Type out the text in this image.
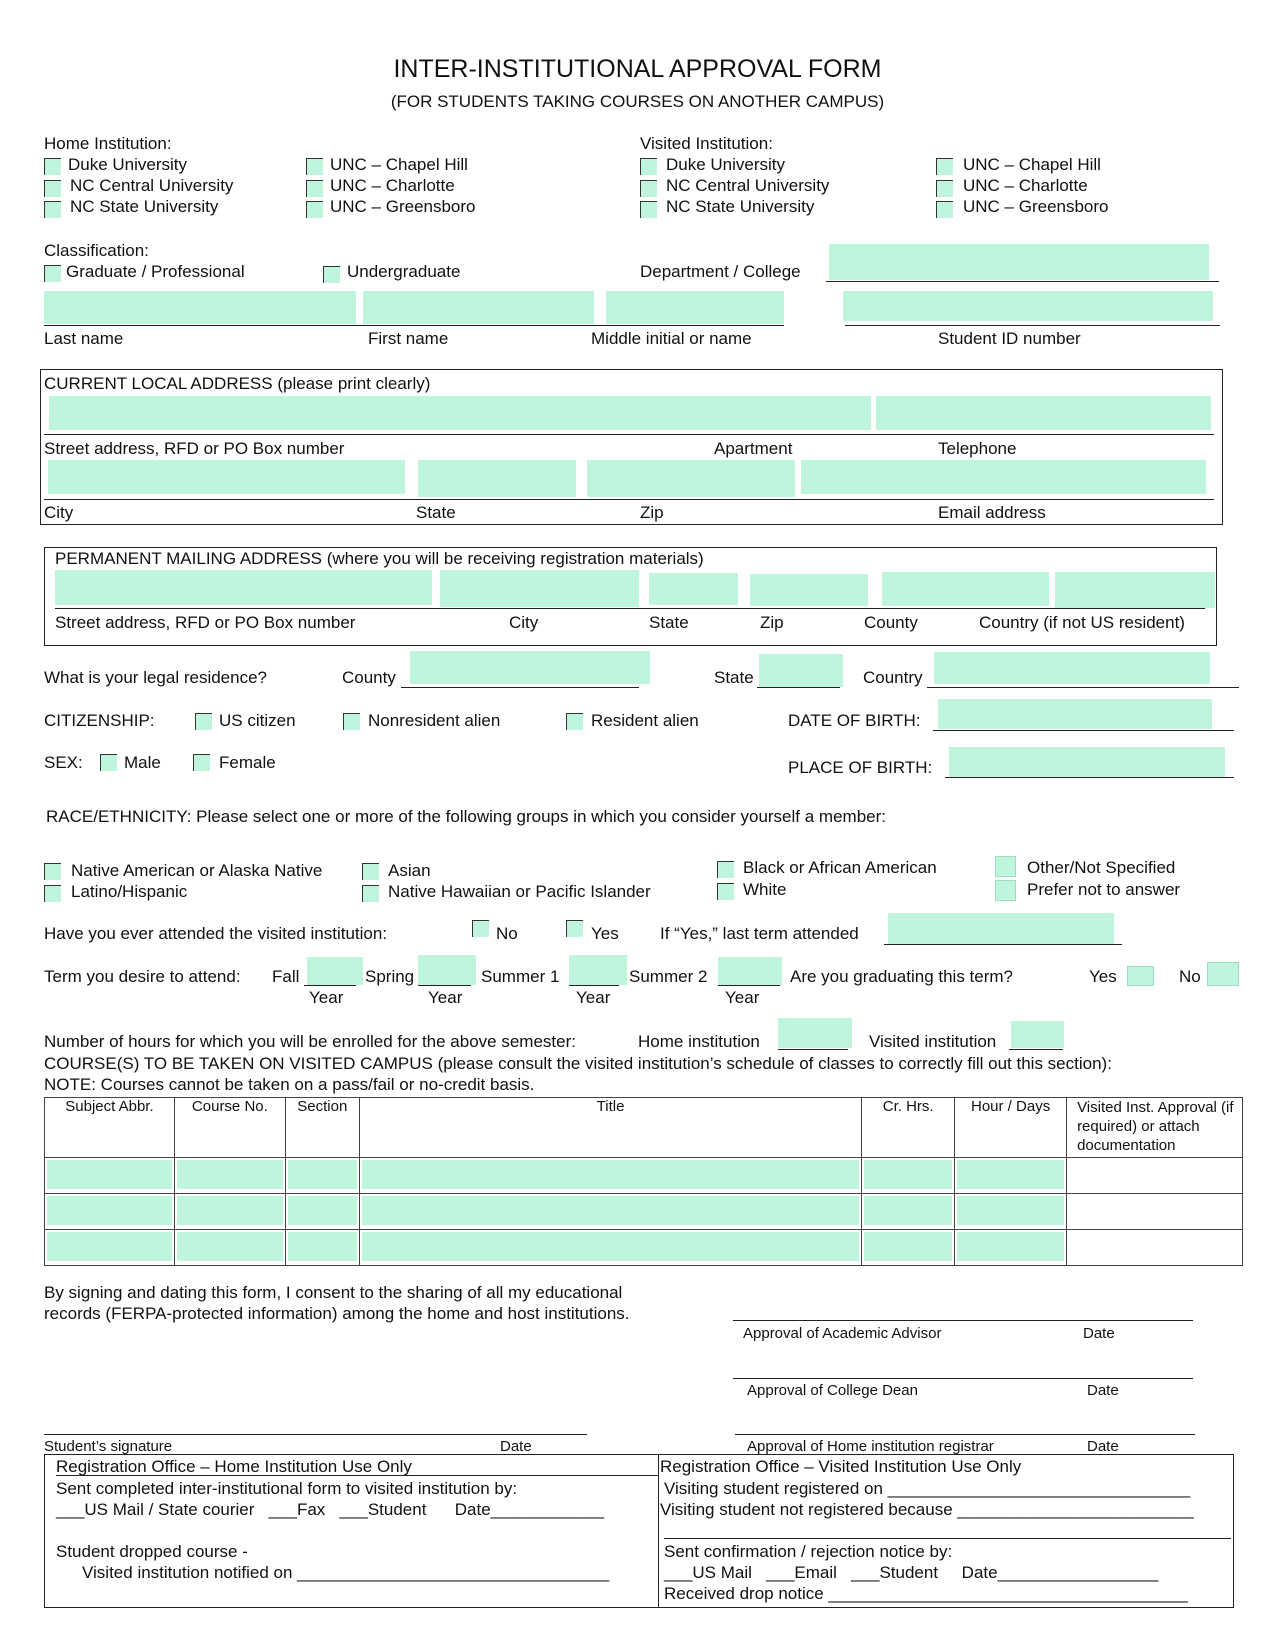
INTER-INSTITUTIONAL APPROVAL FORM
(FOR STUDENTS TAKING COURSES ON ANOTHER CAMPUS)
Home Institution:
Duke University
NC Central University
NC State University
UNC – Chapel Hill
UNC – Charlotte
UNC – Greensboro
Visited Institution:
Duke University
NC Central University
NC State University
UNC – Chapel Hill
UNC – Charlotte
UNC – Greensboro
Classification:
Graduate / Professional	Undergraduate	Department / College
Last name	First name	Middle initial or name	Student ID number
CURRENT LOCAL ADDRESS (please print clearly)
Street address, RFD or PO Box number	Apartment	Telephone
City	State	Zip	Email address
PERMANENT MAILING ADDRESS (where you will be receiving registration materials)
Street address, RFD or PO Box number	City	State	Zip	County	Country (if not US resident)
What is your legal residence?	County	State	Country
CITIZENSHIP:	US citizen	Nonresident alien	Resident alien	DATE OF BIRTH:
SEX: Male	Female	PLACE OF BIRTH:
RACE/ETHNICITY: Please select one or more of the following groups in which you consider yourself a member:
Native American or Alaska Native
Latino/Hispanic
Asian
Native Hawaiian or Pacific Islander
Black or African American
White
Other/Not Specified
Prefer not to answer
Have you ever attended the visited institution:	No	Yes If “Yes,” last term attended
Term you desire to attend: Fall
Year
Spring
Year
Summer 1
Year
Summer 2
Year
Are you graduating this term?	Yes	No
Number of hours for which you will be enrolled for the above semester:	Home institution	Visited institution
COURSE(S) TO BE TAKEN ON VISITED CAMPUS (please consult the visited institution’s schedule of classes to correctly fill out this section):
NOTE: Courses cannot be taken on a pass/fail or no-credit basis.
Subject Abbr.	Course No.	Section	Title	Cr. Hrs.	Hour / Days	Visited Inst. Approval (if required) or attach documentation

By signing and dating this form, I consent to the sharing of all my educational
records (FERPA-protected information) among the home and host institutions.
Approval of Academic Advisor	Date
Approval of College Dean	Date
Student’s signature	Date	Approval of Home institution registrar	Date
Registration Office – Home Institution Use Only
Sent completed inter-institutional form to visited institution by:
___US Mail / State courier   ___Fax   ___Student      Date____________
Student dropped course -
Visited institution notified on _________________________________
Registration Office – Visited Institution Use Only
Visiting student registered on ________________________________
Visiting student not registered because _________________________
Sent confirmation / rejection notice by:
___US Mail   ___Email   ___Student     Date_________________
Received drop notice ______________________________________
